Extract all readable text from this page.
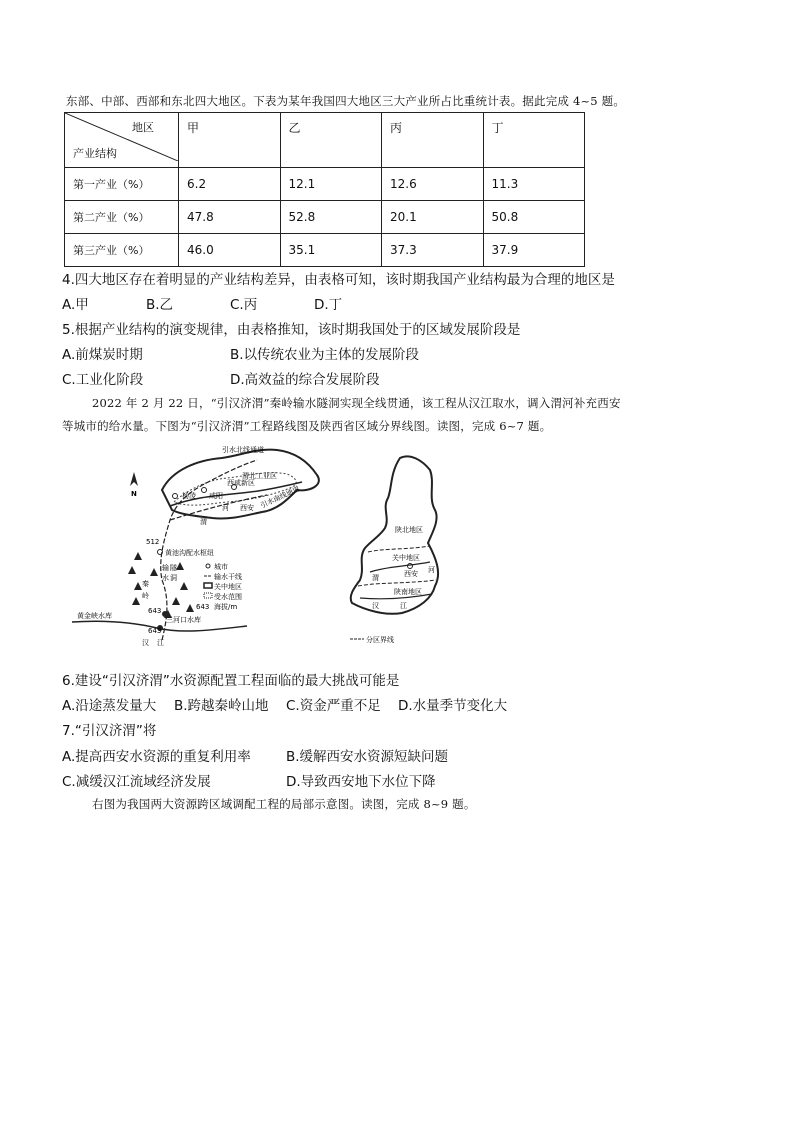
东部、中部、西部和东北四大地区。下表为某年我国四大地区三大产业所占比重统计表。据此完成 4~5 题。
地区
产业结构	甲	乙	丙	丁
第一产业（%）	6.2	12.1	12.6	11.3
第二产业（%）	47.8	52.8	20.1	50.8
第三产业（%）	46.0	35.1	37.3	37.9
4.四大地区存在着明显的产业结构差异，由表格可知，该时期我国产业结构最为合理的地区是
A.甲	B.乙	C.丙	D.丁
5.根据产业结构的演变规律，由表格推知，该时期我国处于的区域发展阶段是
A.前煤炭时期	B.以传统农业为主体的发展阶段
C.工业化阶段	D.高效益的综合发展阶段
2022 年 2 月 22 日，“引汉济渭”秦岭输水隧洞实现全线贯通，该工程从汉江取水，调入渭河补充西安
等城市的给水量。下图为“引汉济渭”工程路线图及陕西省区域分界线图。读图，完成 6~7 题。
N
引水北线通道
渭北工业区
西咸新区
引水南线通道
杨凌 咸阳
西安
渭
河
黄池沟配水枢纽
512
秦
岭
输
水
隧
洞
643
643
三河口水库
黄金峡水库
汉 江
城市
输水干线
关中地区
受水范围
643 海拔/m
陕北地区
关中地区
渭
河
西安
陕南地区
汉	江
分区界线
6.建设“引汉济渭”水资源配置工程面临的最大挑战可能是
A.沿途蒸发量大 B.跨越秦岭山地 C.资金严重不足 D.水量季节变化大
7.“引汉济渭”将
A.提高西安水资源的重复利用率	B.缓解西安水资源短缺问题
C.减缓汉江流域经济发展	D.导致西安地下水位下降
右图为我国两大资源跨区域调配工程的局部示意图。读图，完成 8~9 题。
